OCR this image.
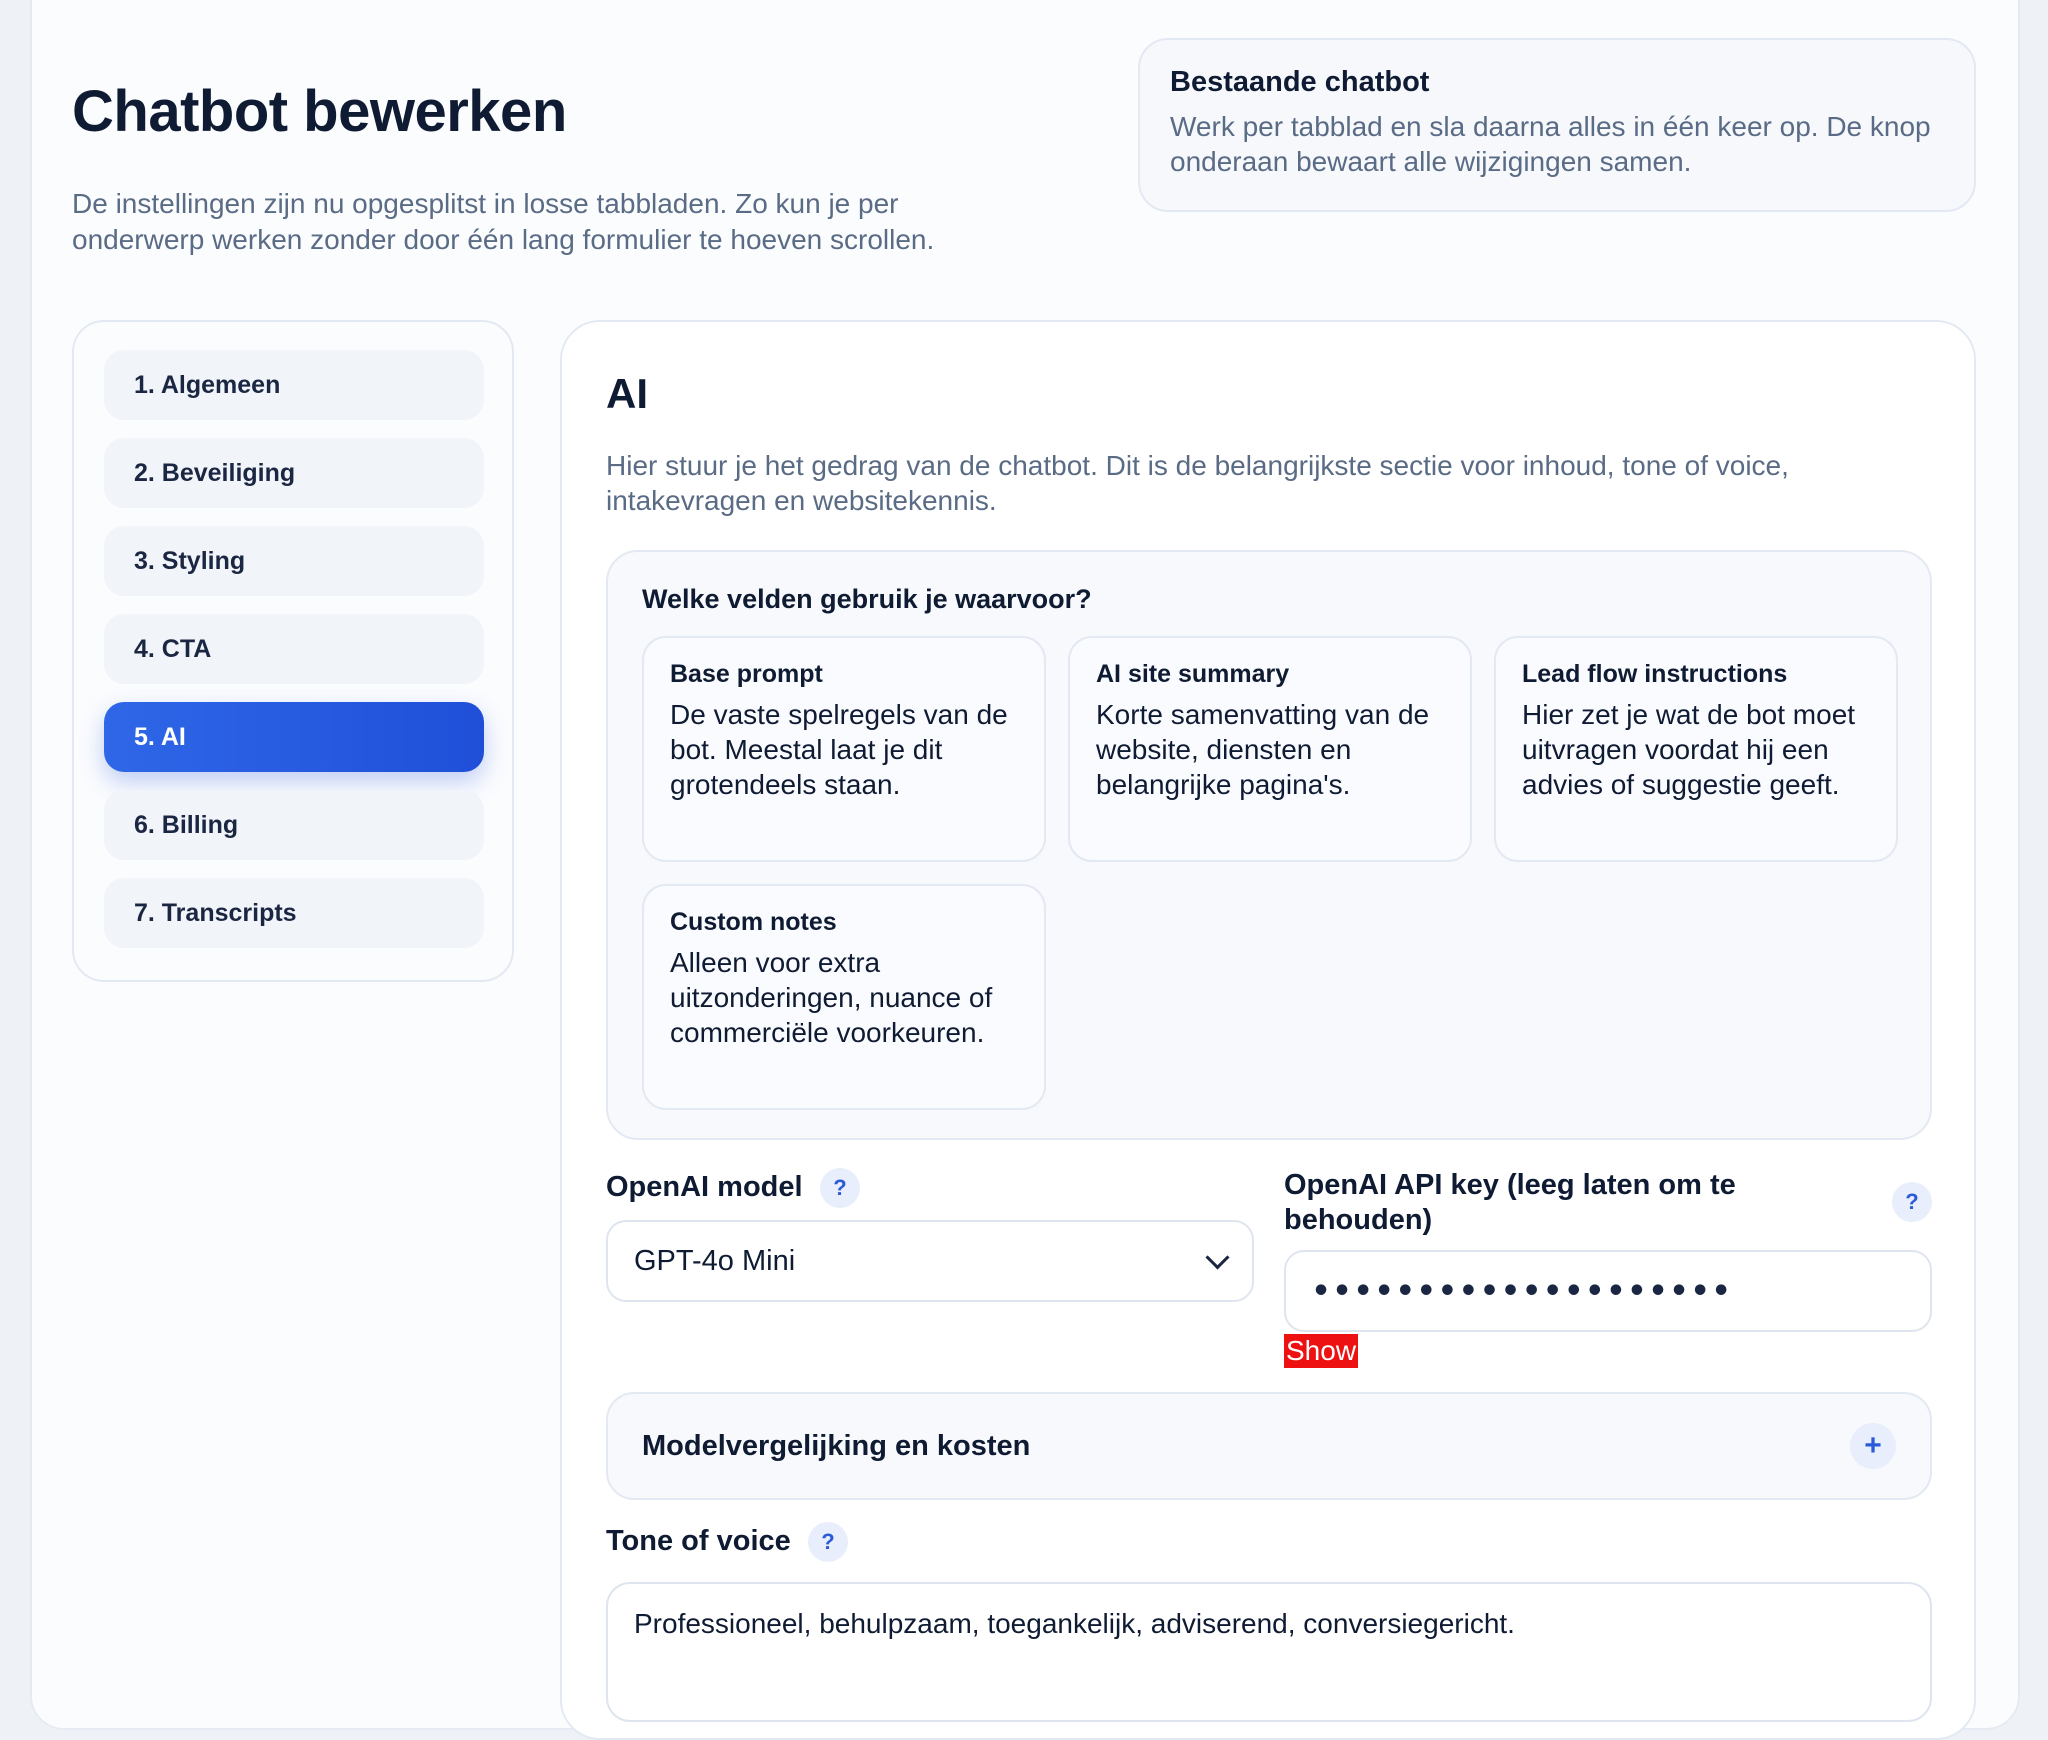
Chatbot bewerken

De instellingen zijn nu opgesplitst in losse tabbladen. Zo kun je per onderwerp werken zonder door één lang formulier te hoeven scrollen.

Bestaande chatbot
Werk per tabblad en sla daarna alles in één keer op. De knop onderaan bewaart alle wijzigingen samen.
1. Algemeen
2. Beveiliging
3. Styling
4. CTA
5. AI
6. Billing
7. Transcripts
AI

Hier stuur je het gedrag van de chatbot. Dit is de belangrijkste sectie voor inhoud, tone of voice, intakevragen en websitekennis.

Welke velden gebruik je waarvoor?
Base prompt
De vaste spelregels van de bot. Meestal laat je dit grotendeels staan.
AI site summary
Korte samenvatting van de website, diensten en belangrijke pagina's.
Lead flow instructions
Hier zet je wat de bot moet uitvragen voordat hij een advies of suggestie geeft.
Custom notes
Alleen voor extra uitzonderingen, nuance of commerciële voorkeuren.
OpenAI model	?
GPT-4o Mini
OpenAI API key (leeg laten om te behouden)
?
••••••••••••••••••••
Show
Modelvergelijking en kosten	+
Tone of voice	?
Professioneel, behulpzaam, toegankelijk, adviserend, conversiegericht.
